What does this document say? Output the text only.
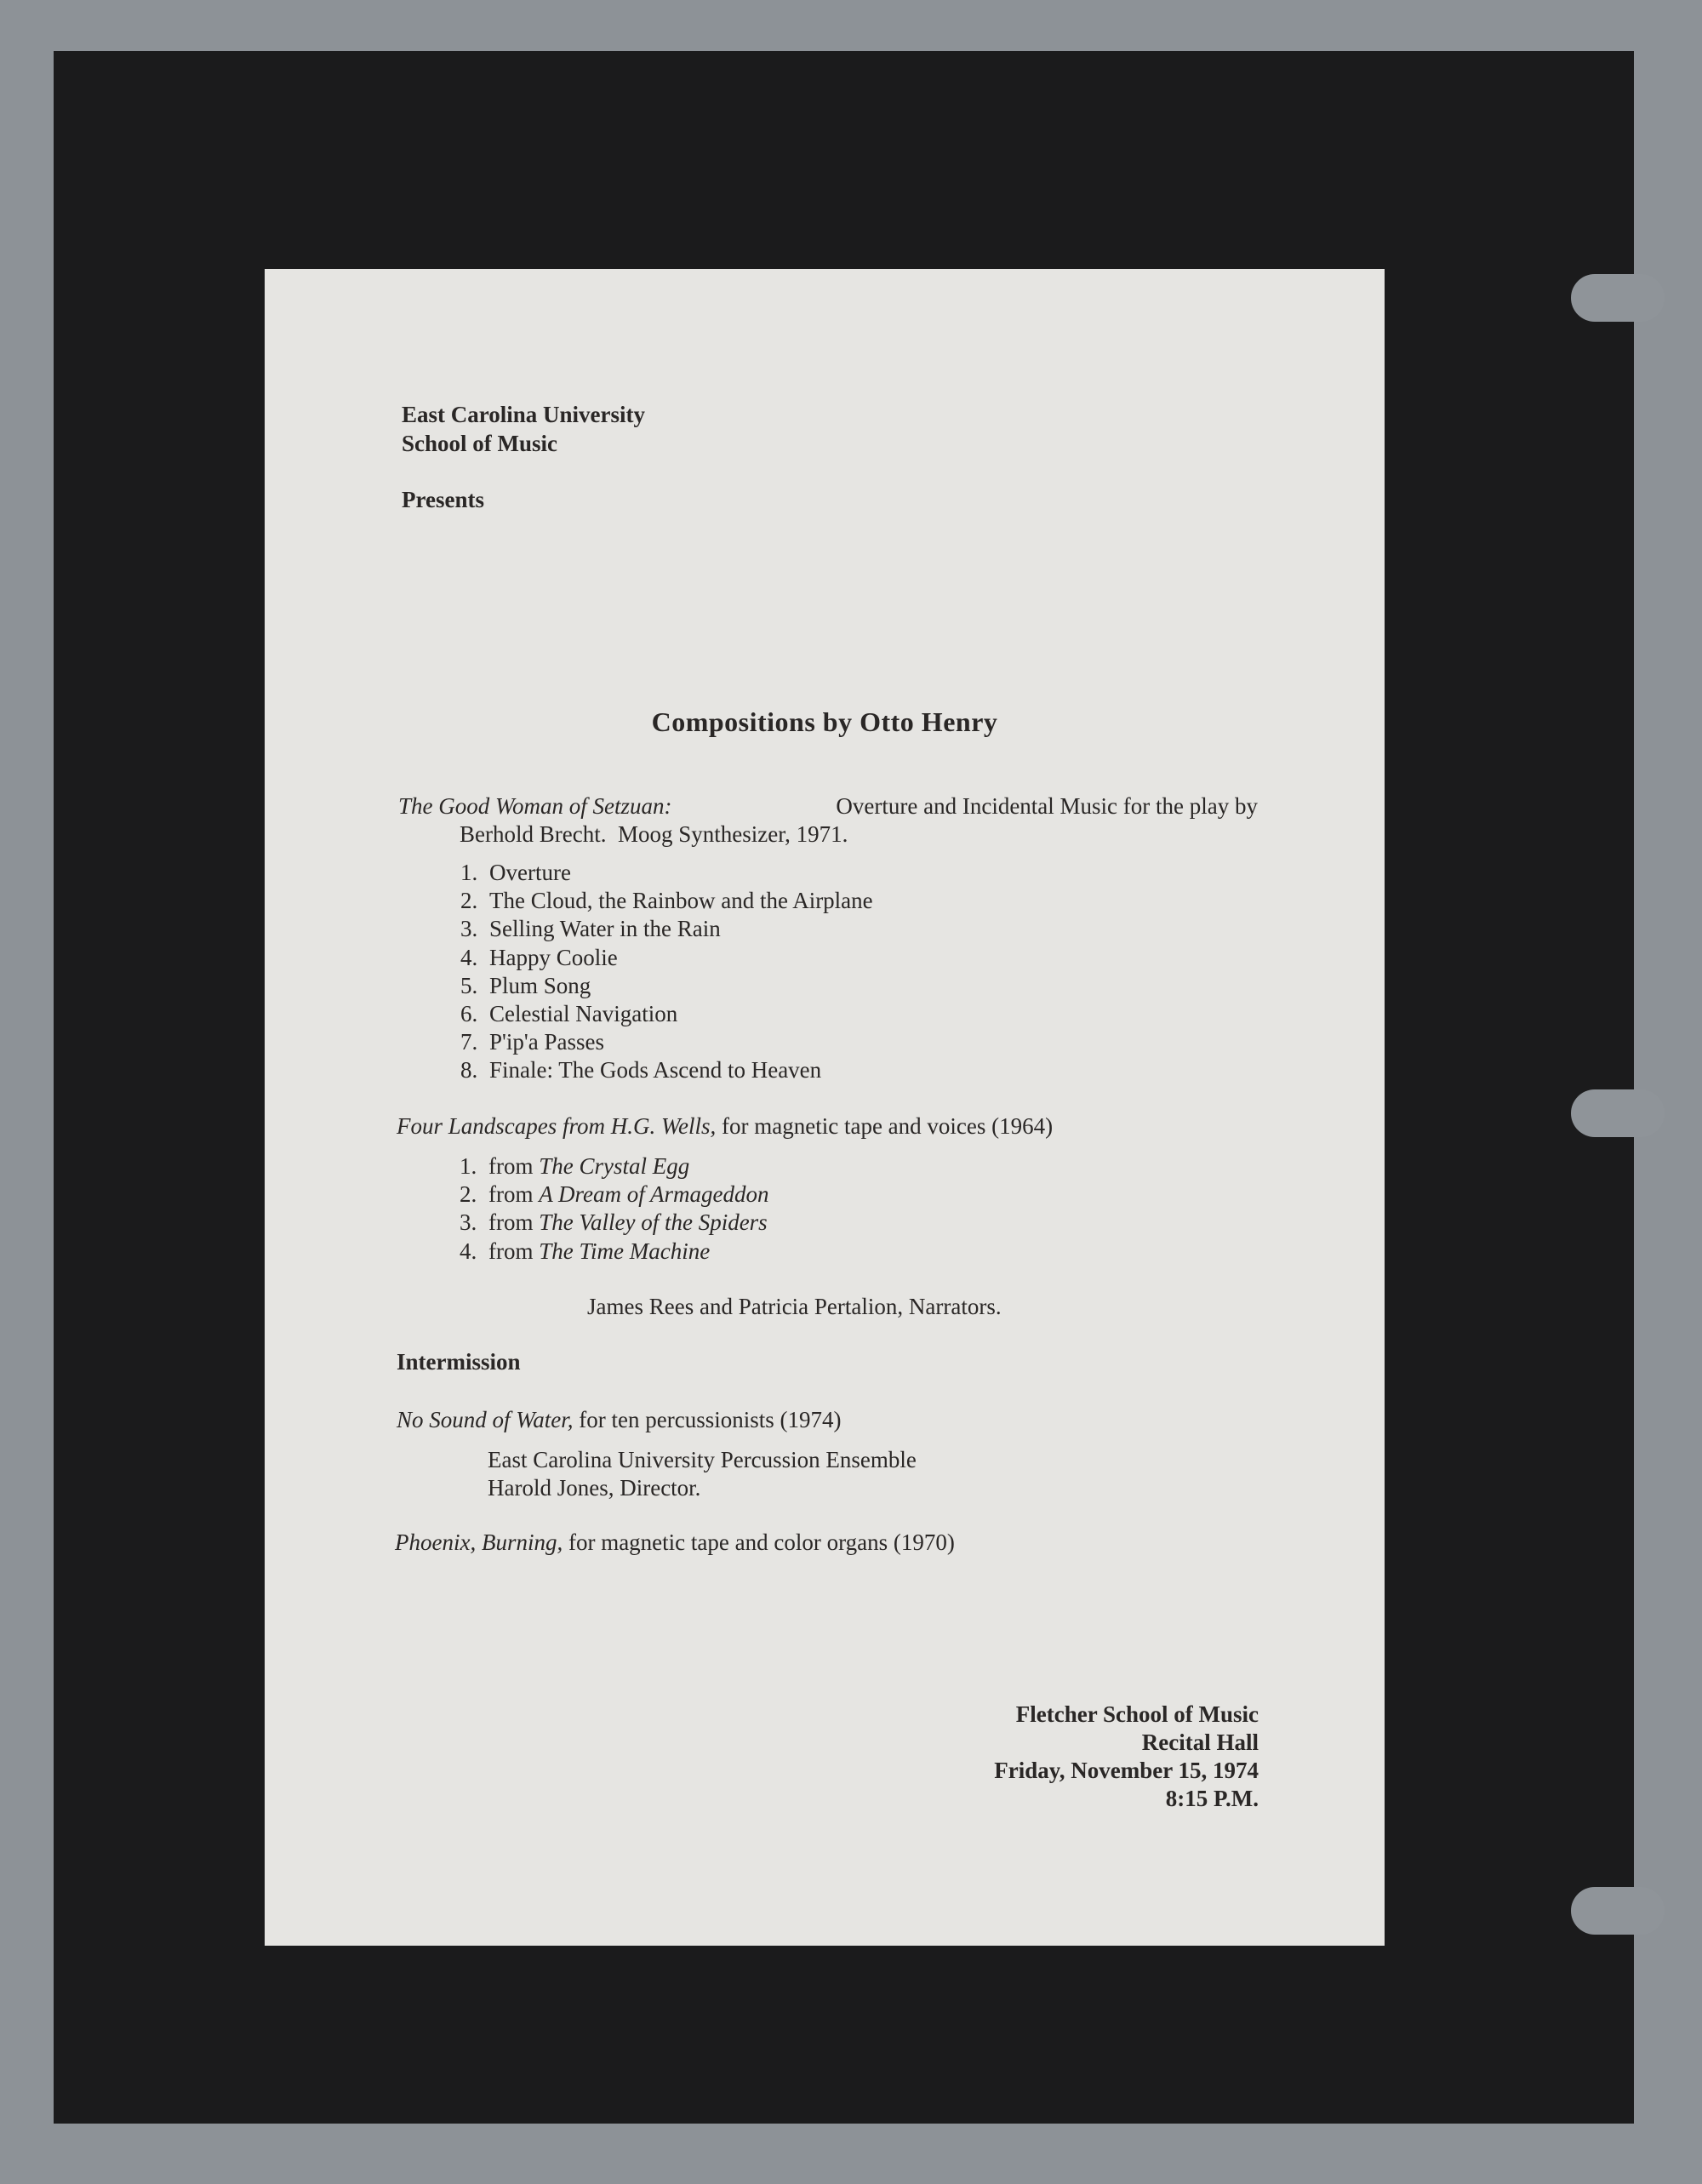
East Carolina University
School of Music
Presents
Compositions by Otto Henry
The Good Woman of Setzuan:	Overture and Incidental Music for the play by
Berhold Brecht.  Moog Synthesizer, 1971.
1. Overture
2. The Cloud, the Rainbow and the Airplane
3. Selling Water in the Rain
4. Happy Coolie
5. Plum Song
6. Celestial Navigation
7. P'ip'a Passes
8. Finale: The Gods Ascend to Heaven
Four Landscapes from H.G. Wells, for magnetic tape and voices (1964)
1. from The Crystal Egg
2. from A Dream of Armageddon
3. from The Valley of the Spiders
4. from The Time Machine
James Rees and Patricia Pertalion, Narrators.
Intermission
No Sound of Water, for ten percussionists (1974)
East Carolina University Percussion Ensemble
Harold Jones, Director.
Phoenix, Burning, for magnetic tape and color organs (1970)
Fletcher School of Music
Recital Hall
Friday, November 15, 1974
8:15 P.M.
